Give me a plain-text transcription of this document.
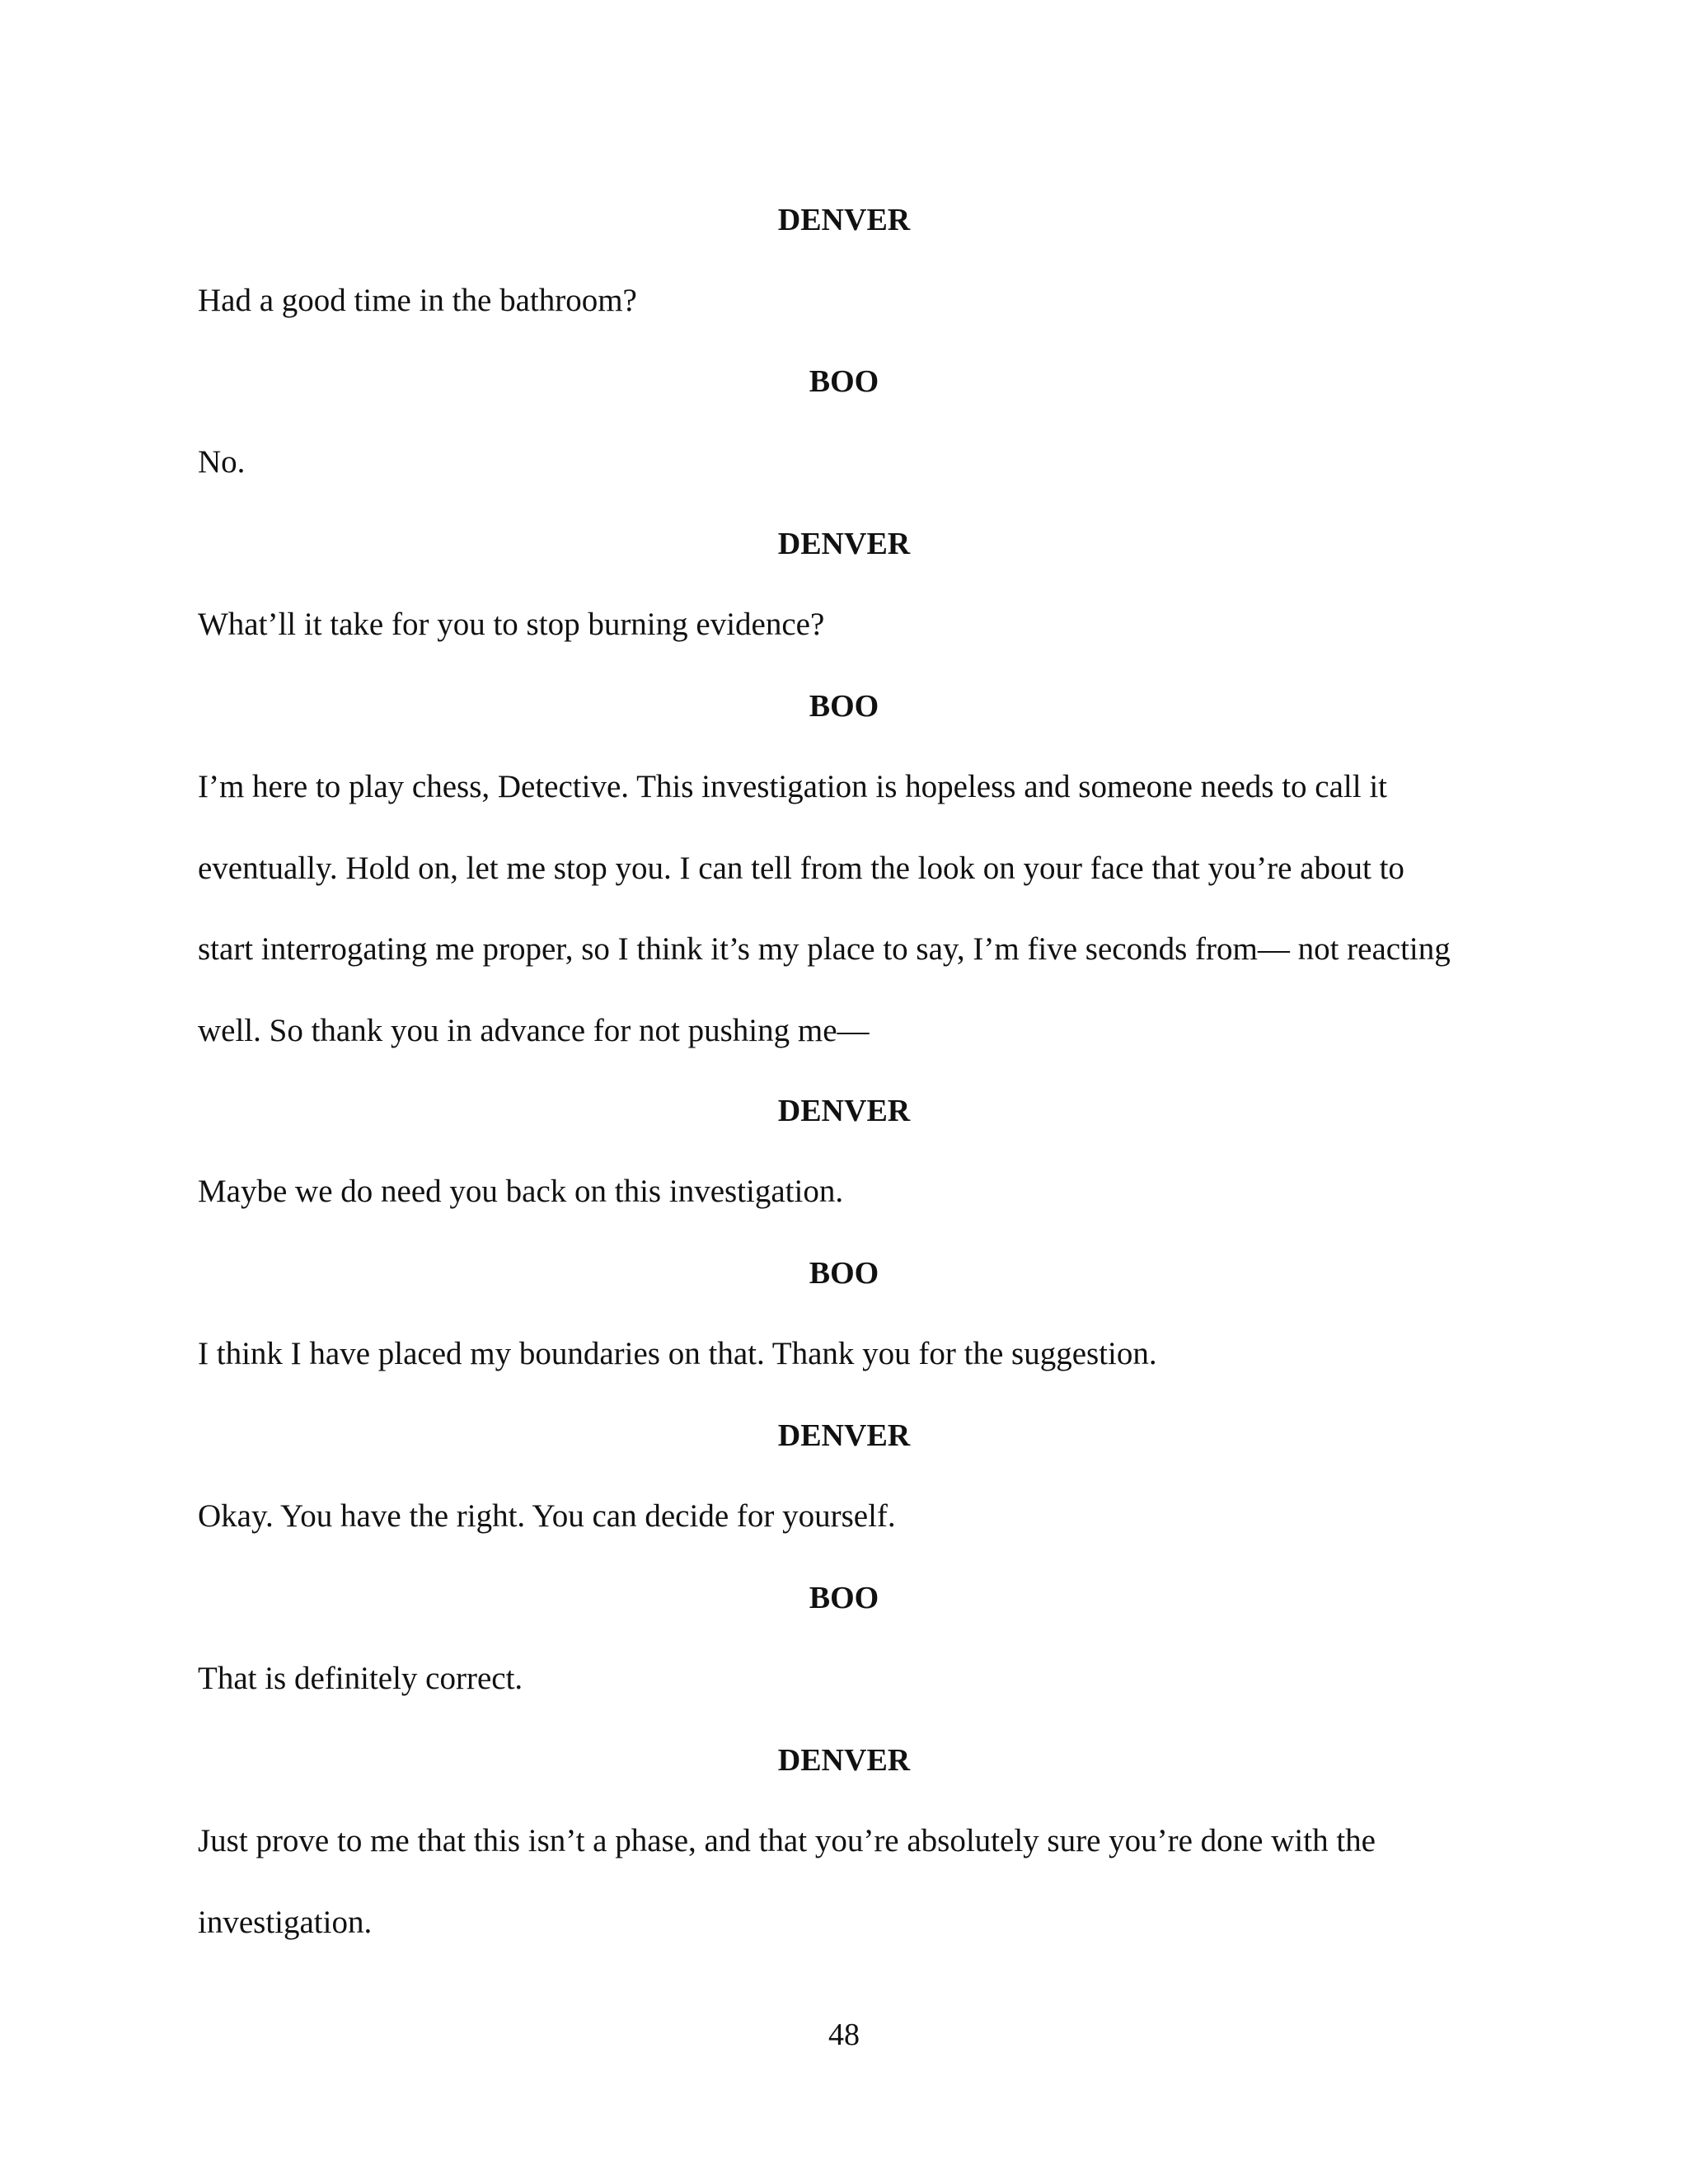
DENVER

Had a good time in the bathroom?

BOO

No.

DENVER

What’ll it take for you to stop burning evidence?

BOO

I’m here to play chess, Detective. This investigation is hopeless and someone needs to call it

eventually. Hold on, let me stop you. I can tell from the look on your face that you’re about to

start interrogating me proper, so I think it’s my place to say, I’m five seconds from— not reacting

well. So thank you in advance for not pushing me—

DENVER

Maybe we do need you back on this investigation.

BOO

I think I have placed my boundaries on that. Thank you for the suggestion.

DENVER

Okay. You have the right. You can decide for yourself.

BOO

That is definitely correct.

DENVER

Just prove to me that this isn’t a phase, and that you’re absolutely sure you’re done with the

investigation.

48
